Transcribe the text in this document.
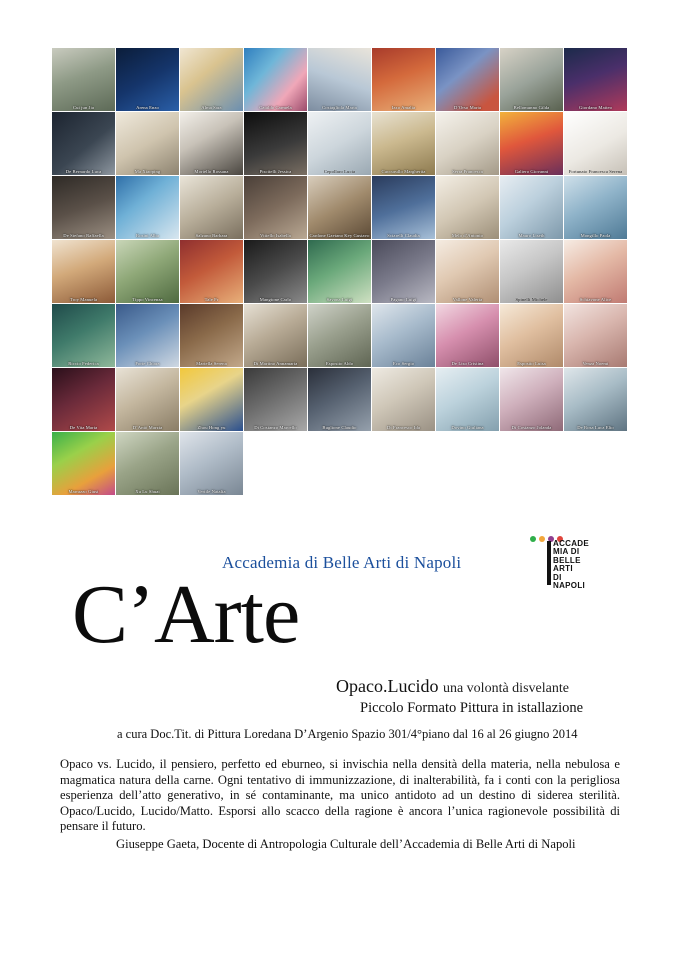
Cui jun Jia	Arena Enzo	Alma Sara	Cataldo Carmela	Costagliola Maria	Izzo Amalia	D’Orso Maria	Bellomunno Gilda	Giordano Matteo
De Bernardo Luca	Ma Xiaoping	Moriello Rossana	Piscitelli Jessica	Cepollaro Lucia	Cuccurullo Margherita	Serra Francesca	Galiero Giovanni	Fortunato Francesca Serena
De Stefano Raffaella	Rosini Alba	Salzano Barbara	Vitiello Isabella	Cardone Gaetano Key Gustavo	Sciarelli Claudia	Melo d’Antonio	Mauro Liseth	Mongillo Paola
Troy Manuela	Tippo Vincenza	Tale Fr	Mangione Carlo	Savona Luigi	Pagano Luigi	Vallone Valeria	Spinelli Michele	Schiavone Alice
Riccio Federica	Forte Chiara	Martella Serena	Di Martino Annamaria	Esposito Aldo	Eco Sergio	De Liso Cristina	Esposito Luisa	Venza Noemi
De Vita Maria	D’Antò Marzia	Zhou Hong yu	Di Costanzo Marcello	Buglione Claudio	Di Francesco Ida	Dovino Giuliana	Di Costanzo Jolanda	De Rosa Luca Elio
Marrazzo Giusi	Xu Lu Shuai	Vertile Natalia
ACCADE
MIA DI
BELLE
ARTI
DI NAPOLI
Accademia di Belle Arti di Napoli
C’Arte
Opaco.Lucido una volontà disvelante
Piccolo Formato Pittura in istallazione
a cura Doc.Tit. di Pittura Loredana D’Argenio Spazio 301/4°piano dal 16 al 26 giugno 2014
Opaco vs. Lucido, il pensiero, perfetto ed eburneo, si invischia nella densità della materia, nella nebulosa e magmatica natura della carne. Ogni tentativo di immunizzazione, di inalterabilità, fa i conti con la perigliosa esperienza dell’atto generativo, in sé contaminante, ma unico antidoto ad un destino di siderea sterilità. Opaco/Lucido, Lucido/Matto. Esporsi allo scacco della ragione è ancora l’unica ragionevole possibilità di pensare il futuro.
Giuseppe Gaeta, Docente di Antropologia Culturale dell’Accademia di Belle Arti di Napoli
